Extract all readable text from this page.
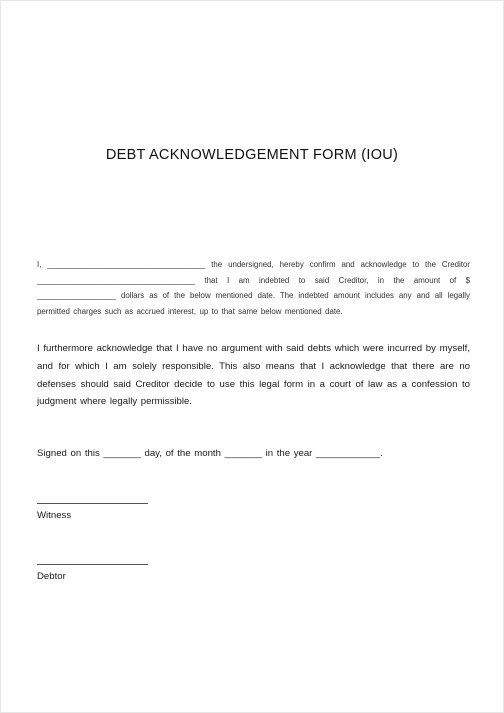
DEBT ACKNOWLEDGEMENT FORM (IOU)
I, ____________________________________ the undersigned, hereby confirm and acknowledge to the Creditor ____________________________________ that I am indebted to said Creditor, in the amount of $ __________________ dollars as of the below mentioned date. The indebted amount includes any and all legally permitted charges such as accrued interest, up to that same below mentioned date.
I furthermore acknowledge that I have no argument with said debts which were incurred by myself, and for which I am solely responsible. This also means that I acknowledge that there are no defenses should said Creditor decide to use this legal form in a court of law as a confession to judgment where legally permissible.
Signed on this _______ day, of the month _______ in the year ____________.
Witness
Debtor
